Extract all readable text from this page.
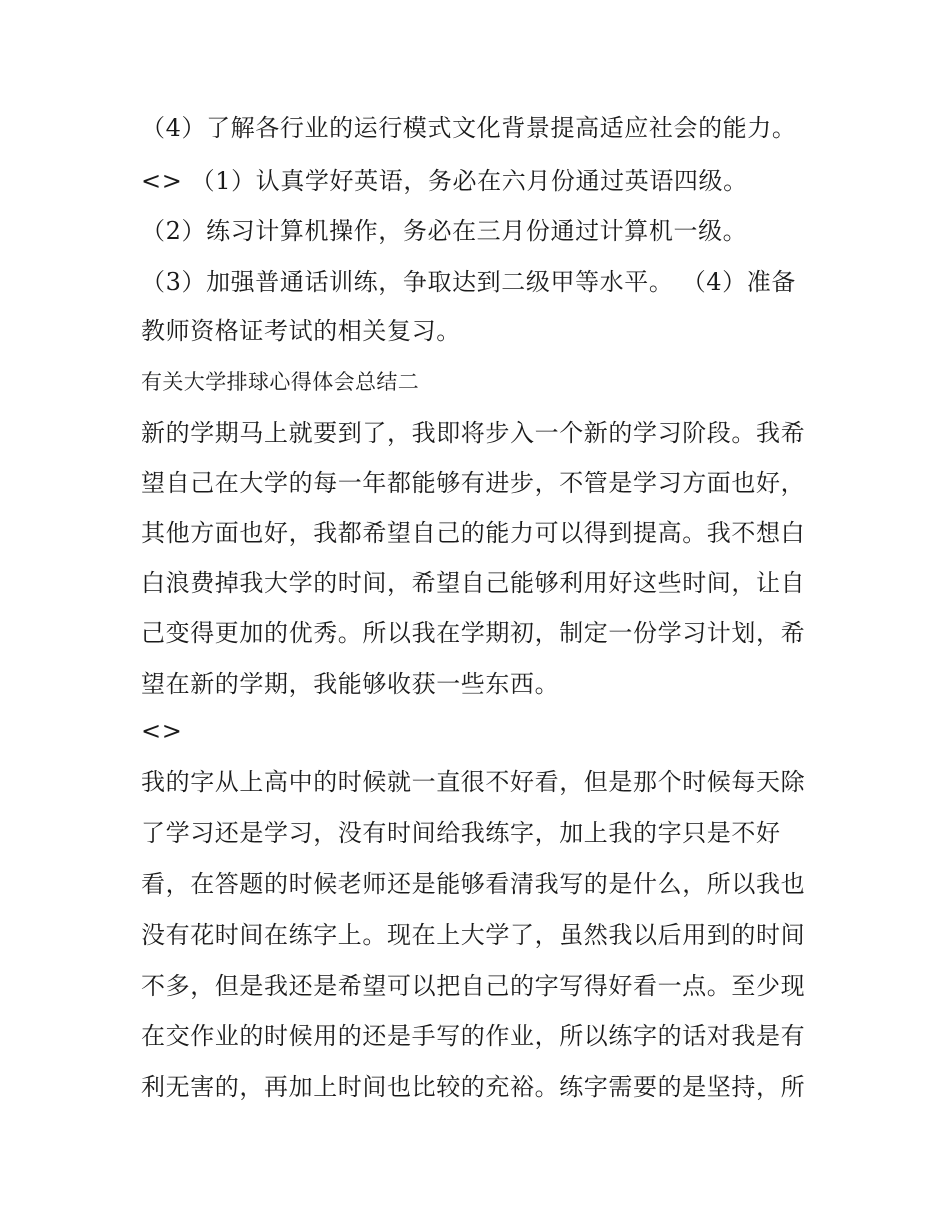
（4）了解各行业的运行模式文化背景提高适应社会的能力。
<> （1）认真学好英语，务必在六月份通过英语四级。
（2）练习计算机操作，务必在三月份通过计算机一级。
（3）加强普通话训练，争取达到二级甲等水平。 （4）准备
教师资格证考试的相关复习。
有关大学排球心得体会总结二
新的学期马上就要到了，我即将步入一个新的学习阶段。我希
望自己在大学的每一年都能够有进步，不管是学习方面也好，
其他方面也好，我都希望自己的能力可以得到提高。我不想白
白浪费掉我大学的时间，希望自己能够利用好这些时间，让自
己变得更加的优秀。所以我在学期初，制定一份学习计划，希
望在新的学期，我能够收获一些东西。
<>
我的字从上高中的时候就一直很不好看，但是那个时候每天除
了学习还是学习，没有时间给我练字，加上我的字只是不好
看，在答题的时候老师还是能够看清我写的是什么，所以我也
没有花时间在练字上。现在上大学了，虽然我以后用到的时间
不多，但是我还是希望可以把自己的字写得好看一点。至少现
在交作业的时候用的还是手写的作业，所以练字的话对我是有
利无害的，再加上时间也比较的充裕。练字需要的是坚持，所
